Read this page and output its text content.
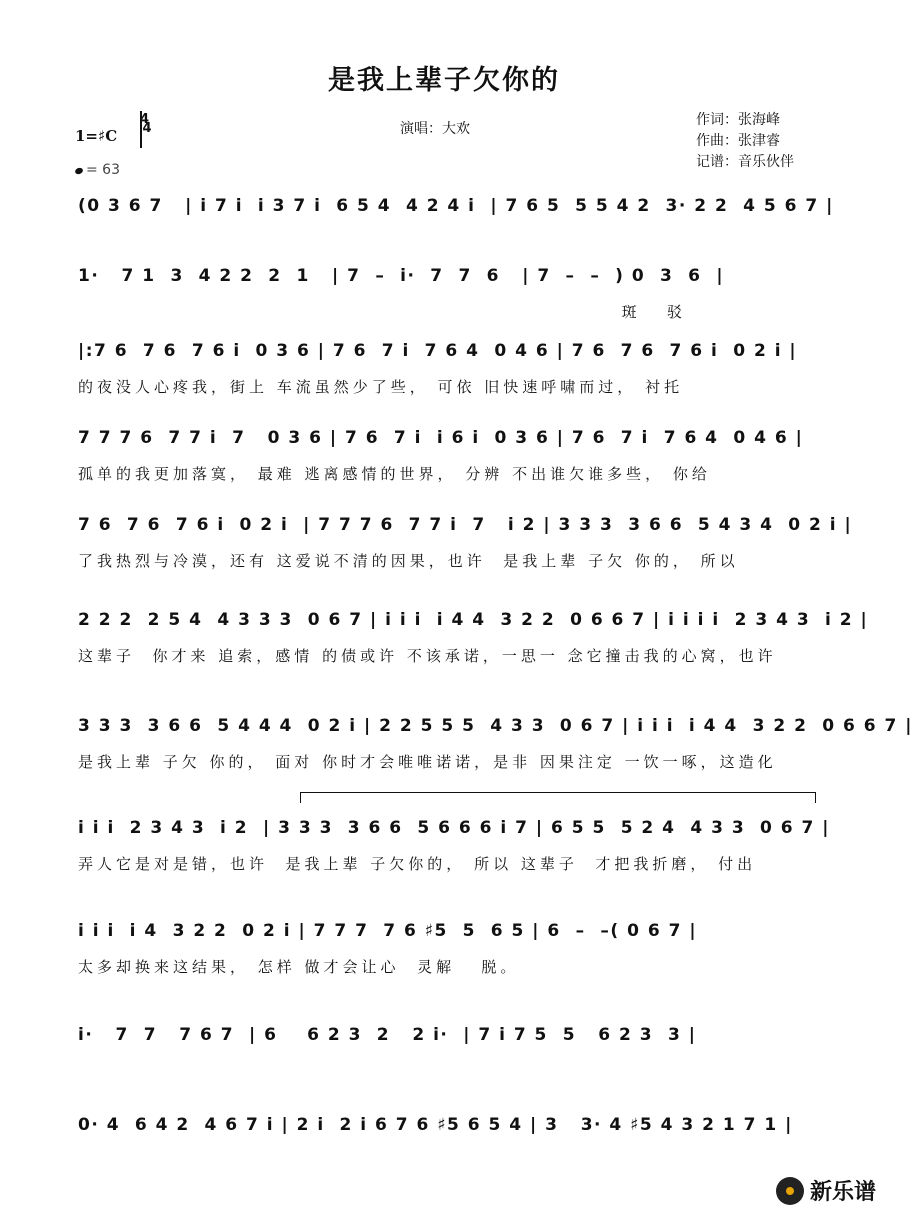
是我上辈子欠你的
1=♯C 4
4
= 63
演唱：大欢
作词：张海峰
作曲：张津睿
记谱：音乐伙伴
(0 3 6 7   | i 7 i  i 3 7 i  6 5 4  4 2 4 i  | 7 6 5  5 5 4 2  3· 2 2  4 5 6 7 |
1·   7 1  3  4 2 2  2  1   | 7  –  i·  7  7  6   | 7  –  –  ) 0  3  6  |
斑   驳
|:7 6  7 6  7 6 i  0 3 6 | 7 6  7 i  7 6 4  0 4 6 | 7 6  7 6  7 6 i  0 2 i |
的夜没人心疼我，街上 车流虽然少了些， 可依 旧快速呼啸而过， 衬托
7 7 7 6  7 7 i  7   0 3 6 | 7 6  7 i  i 6 i  0 3 6 | 7 6  7 i  7 6 4  0 4 6 |
孤单的我更加落寞， 最难 逃离感情的世界， 分辨 不出谁欠谁多些， 你给
7 6  7 6  7 6 i  0 2 i  | 7 7 7 6  7 7 i  7   i 2 | 3 3 3  3 6 6  5 4 3 4  0 2 i |
了我热烈与冷漠，还有 这爱说不清的因果，也许  是我上辈 子欠 你的， 所以
2 2 2  2 5 4  4 3 3 3  0 6 7 | i i i  i 4 4  3 2 2  0 6 6 7 | i i i i  2 3 4 3  i 2 |
这辈子  你才来 追索，感情 的债或许 不该承诺，一思一 念它撞击我的心窝，也许
3 3 3  3 6 6  5 4 4 4  0 2 i | 2 2 5 5 5  4 3 3  0 6 7 | i i i  i 4 4  3 2 2  0 6 6 7 |
是我上辈 子欠 你的， 面对 你时才会唯唯诺诺，是非 因果注定 一饮一啄，这造化
i i i  2 3 4 3  i 2  | 3 3 3  3 6 6  5 6 6 6 i 7 | 6 5 5  5 2 4  4 3 3  0 6 7 |
弄人它是对是错，也许  是我上辈 子欠你的， 所以 这辈子  才把我折磨， 付出
i i i  i 4  3 2 2  0 2 i | 7 7 7  7 6 ♯5  5  6 5 | 6  –  –( 0 6 7 |
太多却换来这结果， 怎样 做才会让心  灵解   脱。
i·   7  7   7 6 7  | 6    6 2 3  2   2 i·  | 7 i 7 5  5   6 2 3  3 |
0· 4  6 4 2  4 6 7 i | 2 i  2 i 6 7 6 ♯5 6 5 4 | 3   3· 4 ♯5 4 3 2 1 7 1 |
新乐谱
